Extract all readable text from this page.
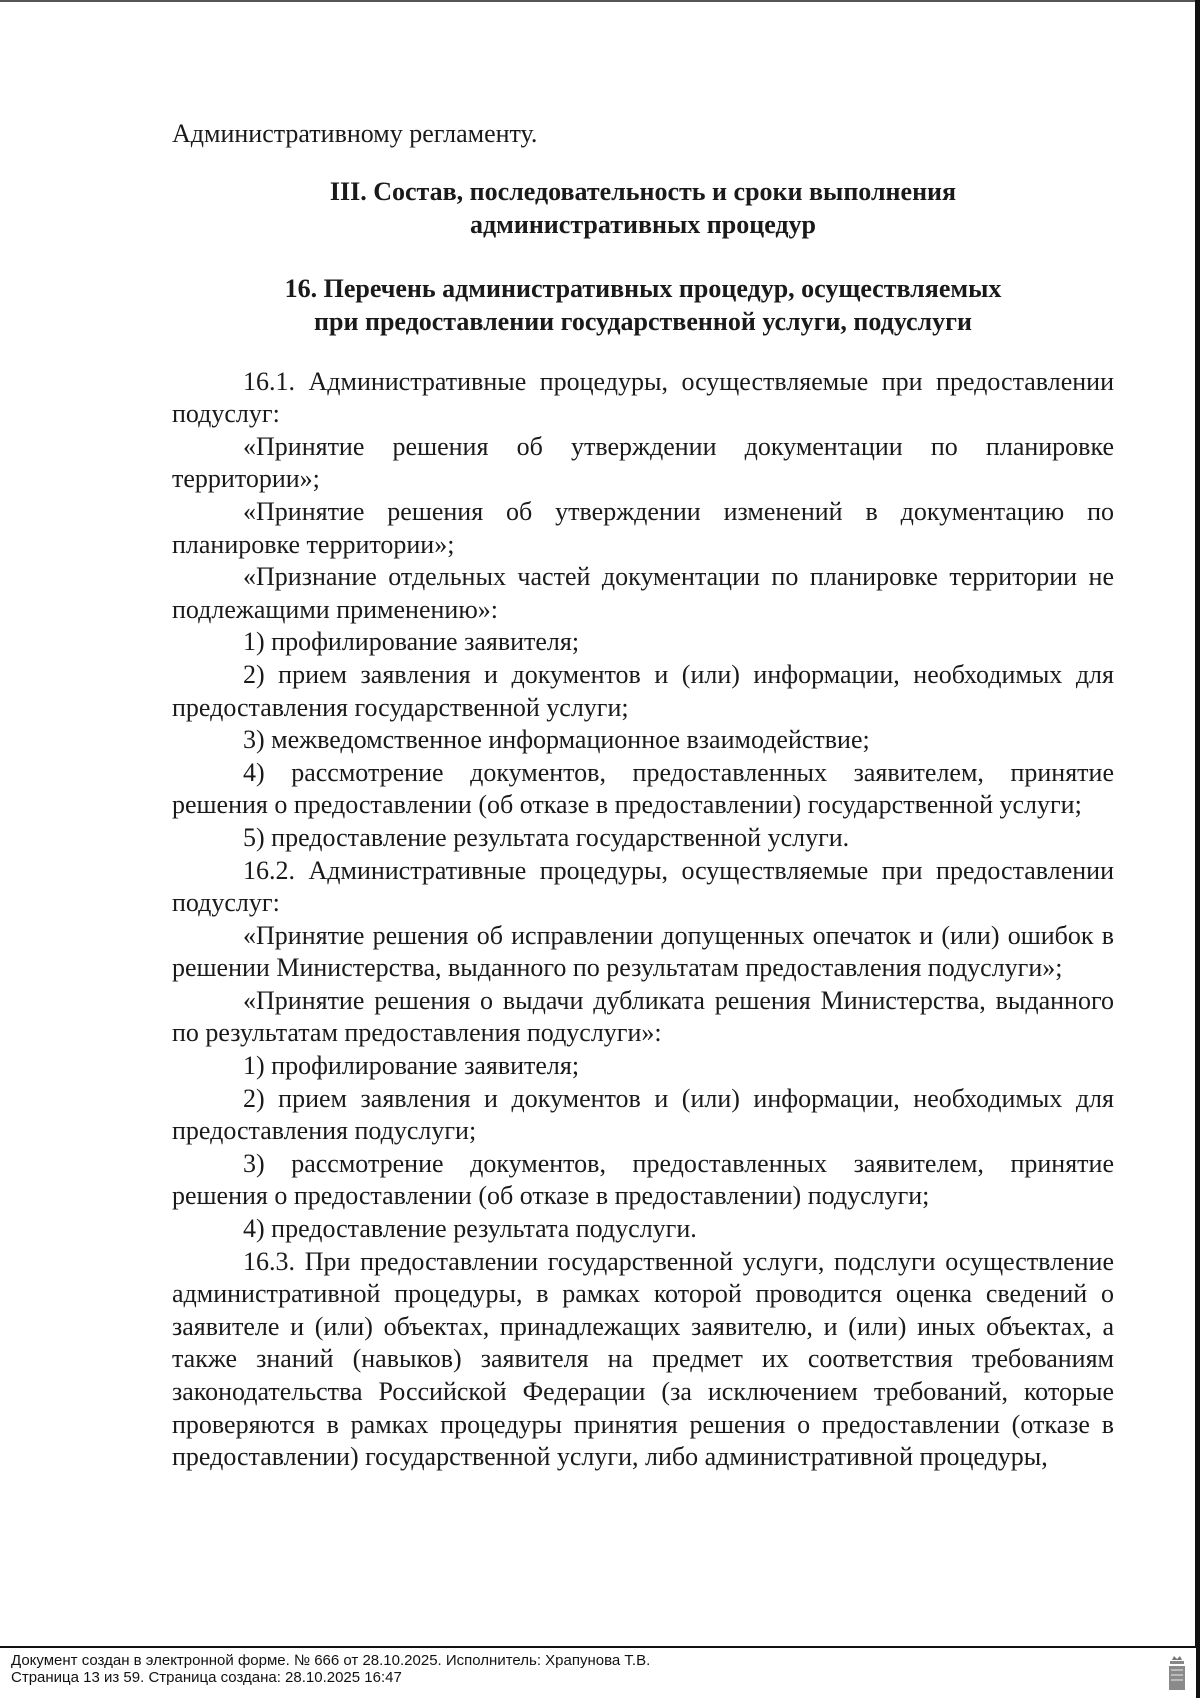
Административному регламенту.

III. Состав, последовательность и сроки выполнения

административных процедур

16. Перечень административных процедур, осуществляемых

при предоставлении государственной услуги, подуслуги

16.1. Административные процедуры, осуществляемые при предоставлении подуслуг:

«Принятие решения об утверждении документации по планировке территории»;

«Принятие решения об утверждении изменений в документацию по планировке территории»;

«Признание отдельных частей документации по планировке территории не подлежащими применению»:

1) профилирование заявителя;

2) прием заявления и документов и (или) информации, необходимых для предоставления государственной услуги;

3) межведомственное информационное взаимодействие;

4) рассмотрение документов, предоставленных заявителем, принятие решения о предоставлении (об отказе в предоставлении) государственной услуги;

5) предоставление результата государственной услуги.

16.2. Административные процедуры, осуществляемые при предоставлении подуслуг:

«Принятие решения об исправлении допущенных опечаток и (или) ошибок в решении Министерства, выданного по результатам предоставления подуслуги»;

«Принятие решения о выдачи дубликата решения Министерства, выданного по результатам предоставления подуслуги»:

1) профилирование заявителя;

2) прием заявления и документов и (или) информации, необходимых для предоставления подуслуги;

3) рассмотрение документов, предоставленных заявителем, принятие решения о предоставлении (об отказе в предоставлении) подуслуги;

4) предоставление результата подуслуги.

16.3. При предоставлении государственной услуги, подслуги осуществление административной процедуры, в рамках которой проводится оценка сведений о заявителе и (или) объектах, принадлежащих заявителю, и (или) иных объектах, а также знаний (навыков) заявителя на предмет их соответствия требованиям законодательства Российской Федерации (за исключением требований, которые проверяются в рамках процедуры принятия решения о предоставлении (отказе в предоставлении) государственной услуги, либо административной процедуры,

Документ создан в электронной форме. № 666 от 28.10.2025. Исполнитель: Храпунова Т.В.

Страница 13 из 59. Страница создана: 28.10.2025 16:47
